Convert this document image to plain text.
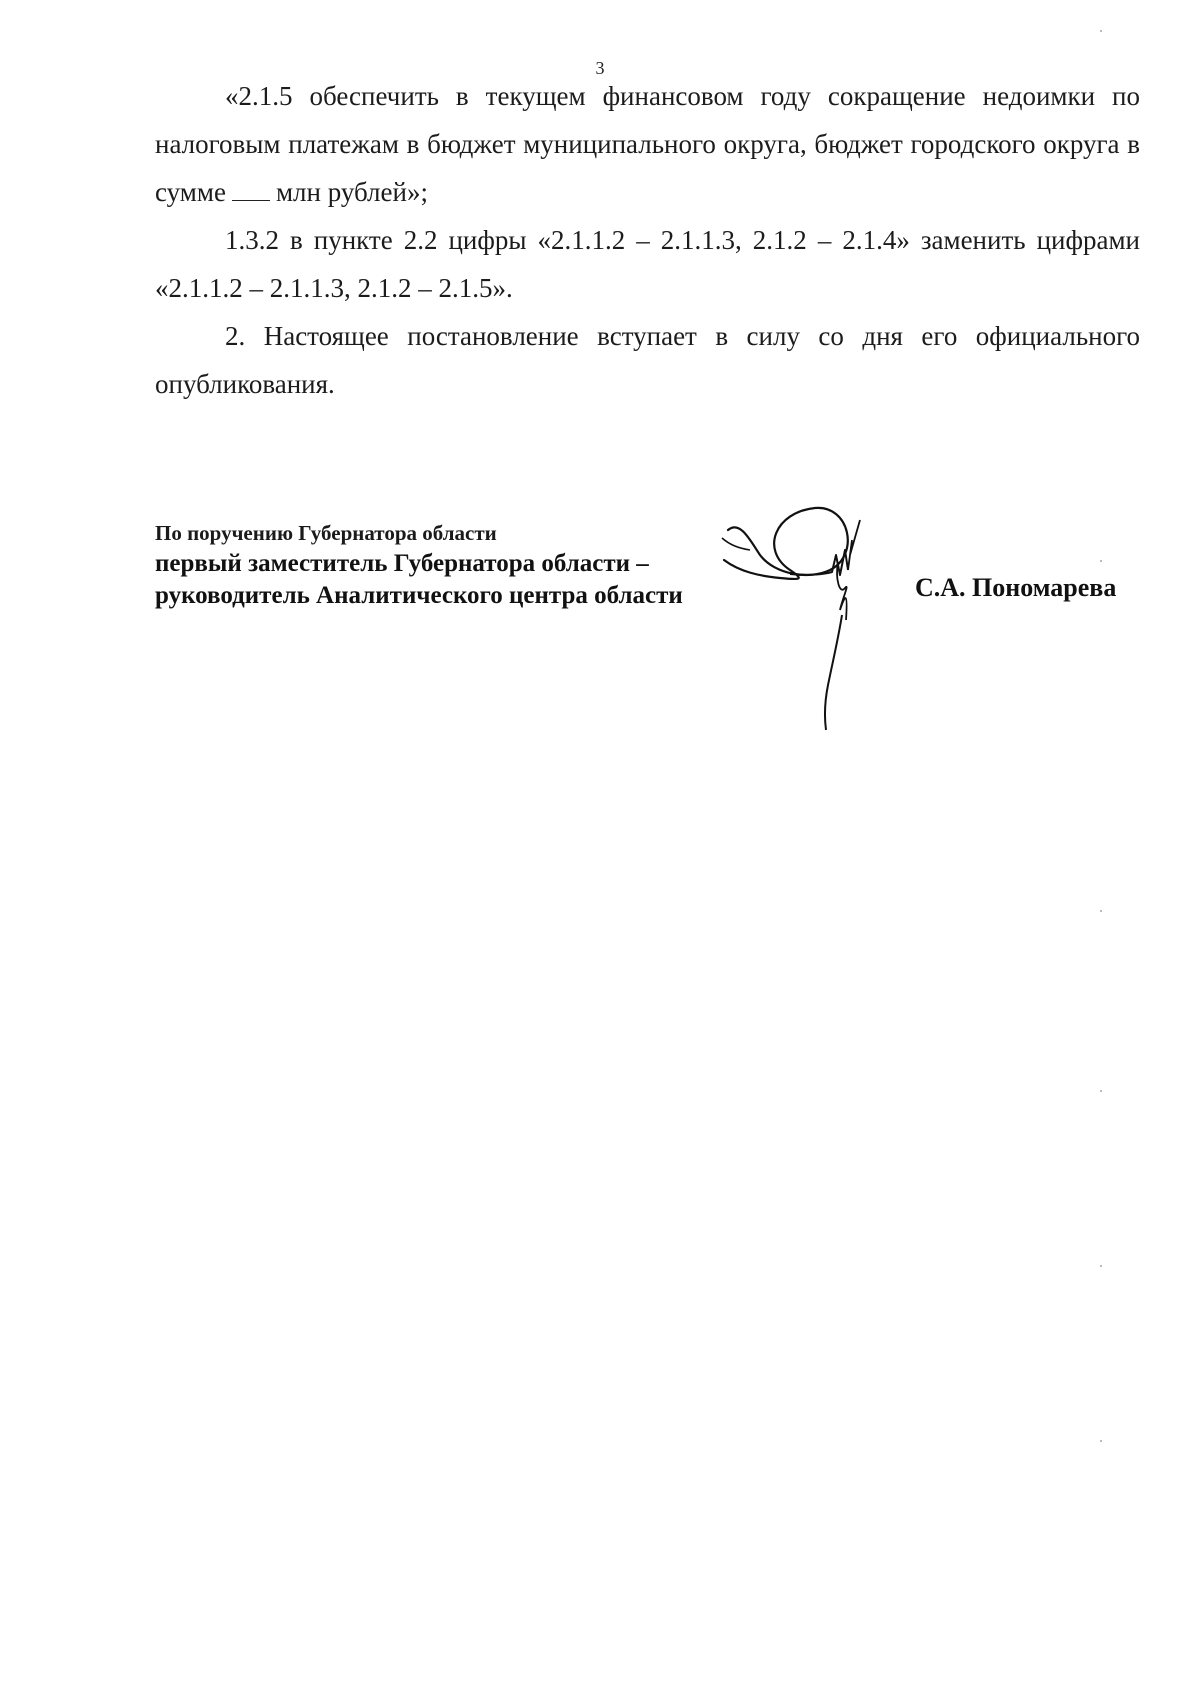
3

«2.1.5 обеспечить в текущем финансовом году сокращение недоимки по налоговым платежам в бюджет муниципального округа, бюджет городского округа в сумме млн рублей»;

1.3.2 в пункте 2.2 цифры «2.1.1.2 – 2.1.1.3, 2.1.2 – 2.1.4» заменить цифрами «2.1.1.2 – 2.1.1.3, 2.1.2 – 2.1.5».

2. Настоящее постановление вступает в силу со дня его официального опубликования.

По поручению Губернатора области
первый заместитель Губернатора области –
руководитель Аналитического центра области	С.А. Пономарева
